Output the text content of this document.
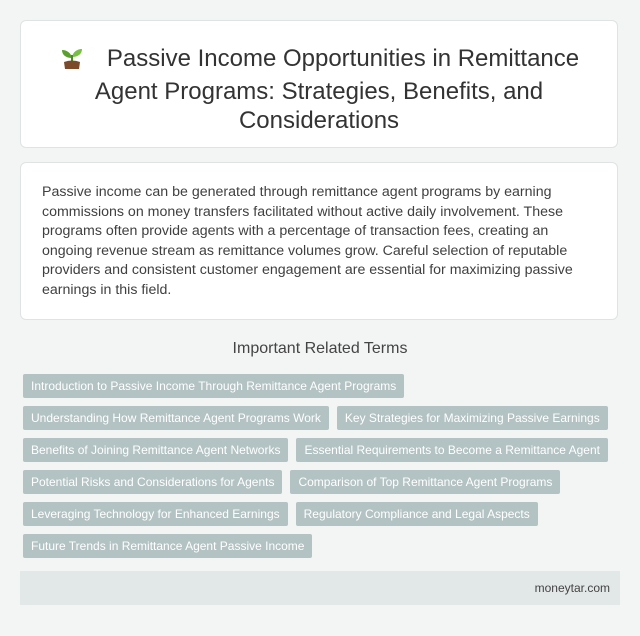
Passive Income Opportunities in Remittance Agent Programs: Strategies, Benefits, and Considerations

Passive income can be generated through remittance agent programs by earning commissions on money transfers facilitated without active daily involvement. These programs often provide agents with a percentage of transaction fees, creating an ongoing revenue stream as remittance volumes grow. Careful selection of reputable providers and consistent customer engagement are essential for maximizing passive earnings in this field.

Important Related Terms
Introduction to Passive Income Through Remittance Agent Programs
Understanding How Remittance Agent Programs Work	Key Strategies for Maximizing Passive Earnings
Benefits of Joining Remittance Agent Networks	Essential Requirements to Become a Remittance Agent
Potential Risks and Considerations for Agents	Comparison of Top Remittance Agent Programs
Leveraging Technology for Enhanced Earnings	Regulatory Compliance and Legal Aspects
Future Trends in Remittance Agent Passive Income
moneytar.com
